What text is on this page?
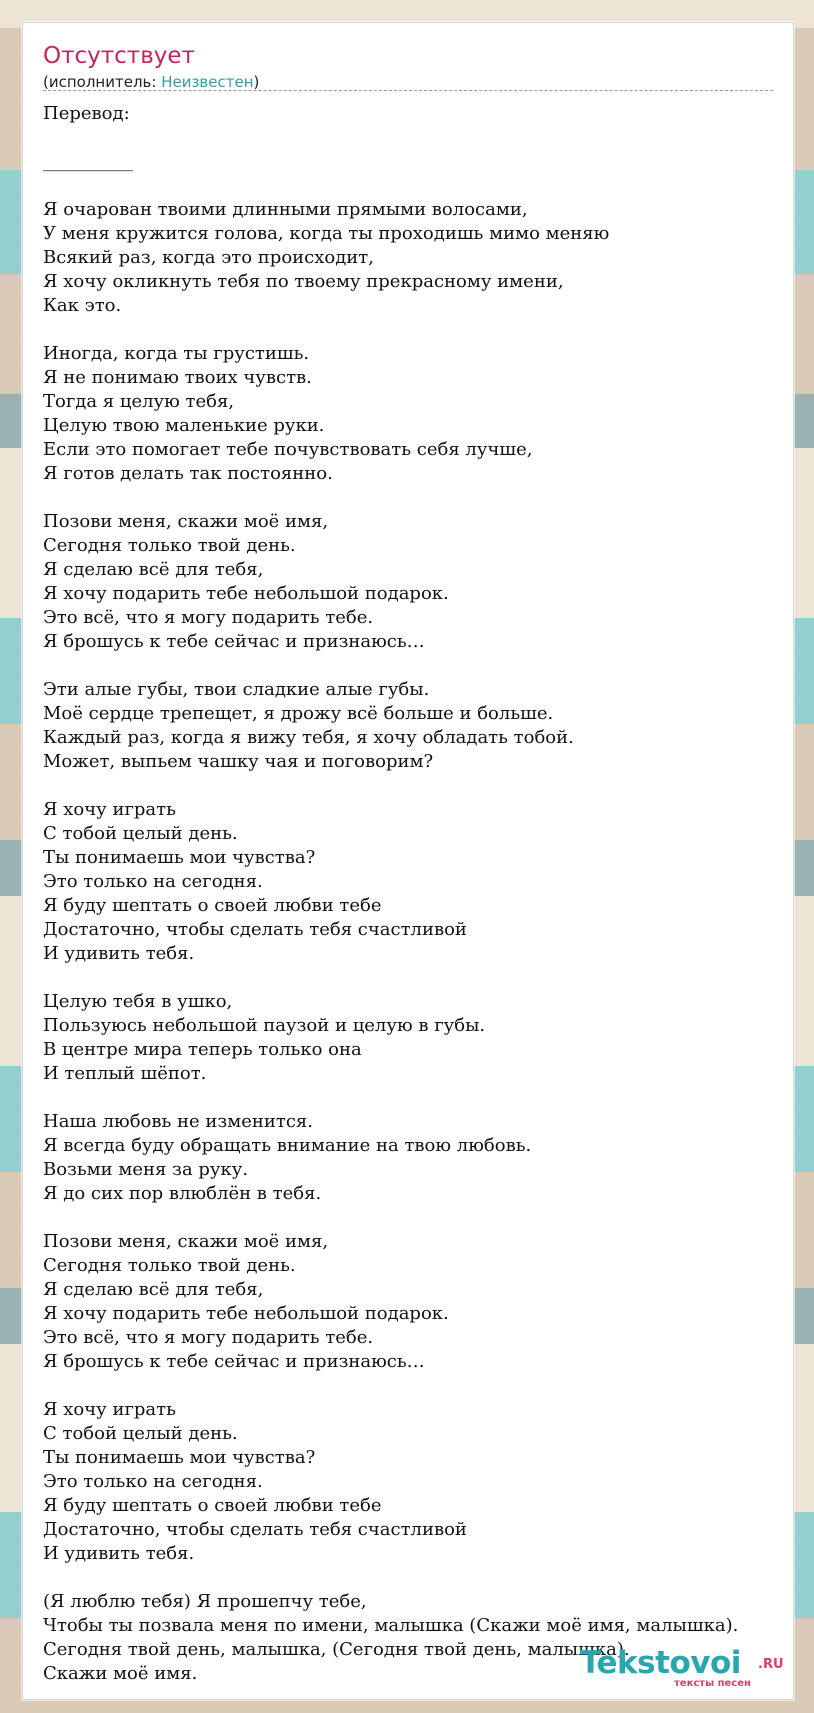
Отсутствует
(исполнитель: Неизвестен)
Перевод:

__________

Я очарован твоими длинными прямыми волосами,
У меня кружится голова, когда ты проходишь мимо меняю
Всякий раз, когда это происходит,
Я хочу окликнуть тебя по твоему прекрасному имени,
Как это.

Иногда, когда ты грустишь.
Я не понимаю твоих чувств.
Тогда я целую тебя,
Целую твою маленькие руки.
Если это помогает тебе почувствовать себя лучше,
Я готов делать так постоянно.

Позови меня, скажи моё имя,
Сегодня только твой день.
Я сделаю всё для тебя,
Я хочу подарить тебе небольшой подарок.
Это всё, что я могу подарить тебе.
Я брошусь к тебе сейчас и признаюсь…

Эти алые губы, твои сладкие алые губы.
Моё сердце трепещет, я дрожу всё больше и больше.
Каждый раз, когда я вижу тебя, я хочу обладать тобой.
Может, выпьем чашку чая и поговорим?

Я хочу играть
С тобой целый день.
Ты понимаешь мои чувства?
Это только на сегодня.
Я буду шептать о своей любви тебе
Достаточно, чтобы сделать тебя счастливой
И удивить тебя.

Целую тебя в ушко,
Пользуюсь небольшой паузой и целую в губы.
В центре мира теперь только она
И теплый шёпот.

Наша любовь не изменится.
Я всегда буду обращать внимание на твою любовь.
Возьми меня за руку.
Я до сих пор влюблён в тебя.

Позови меня, скажи моё имя,
Сегодня только твой день.
Я сделаю всё для тебя,
Я хочу подарить тебе небольшой подарок.
Это всё, что я могу подарить тебе.
Я брошусь к тебе сейчас и признаюсь…

Я хочу играть
С тобой целый день.
Ты понимаешь мои чувства?
Это только на сегодня.
Я буду шептать о своей любви тебе
Достаточно, чтобы сделать тебя счастливой
И удивить тебя.

(Я люблю тебя) Я прошепчу тебе,
Чтобы ты позвала меня по имени, малышка (Скажи моё имя, малышка).
Сегодня твой день, малышка, (Сегодня твой день, малышка).
Скажи моё имя.	Tekstovoi .RU
тексты песен
